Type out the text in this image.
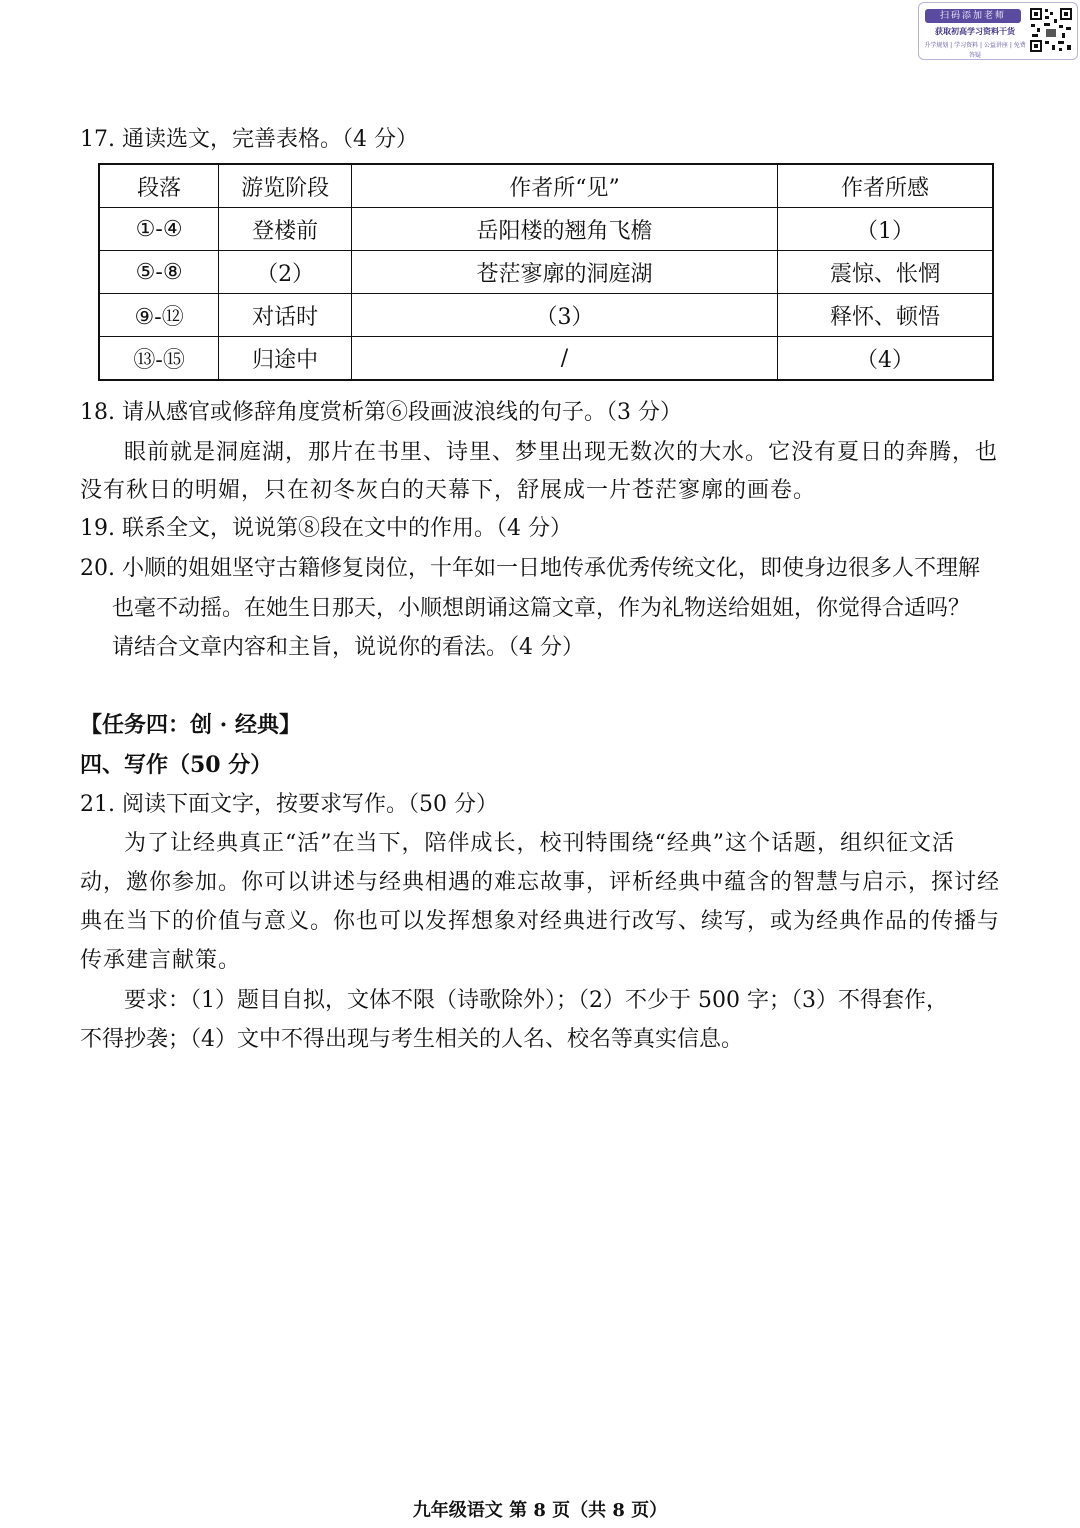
扫码添加老师
获取初高学习资料干货
升学规划 | 学习资料 | 公益讲座 | 免费答疑
17. 通读选文，完善表格。（4 分）
段落	游览阶段	作者所“见”	作者所感
①-④	登楼前	岳阳楼的翘角飞檐	（1）
⑤-⑧	（2）	苍茫寥廓的洞庭湖	震惊、怅惘
⑨-⑫	对话时	（3）	释怀、顿悟
⑬-⑮	归途中	/	（4）
18. 请从感官或修辞角度赏析第⑥段画波浪线的句子。（3 分）
眼前就是洞庭湖，那片在书里、诗里、梦里出现无数次的大水。它没有夏日的奔腾，也
没有秋日的明媚，只在初冬灰白的天幕下，舒展成一片苍茫寥廓的画卷。
19. 联系全文，说说第⑧段在文中的作用。（4 分）
20. 小顺的姐姐坚守古籍修复岗位，十年如一日地传承优秀传统文化，即使身边很多人不理解
也毫不动摇。在她生日那天，小顺想朗诵这篇文章，作为礼物送给姐姐，你觉得合适吗？
请结合文章内容和主旨，说说你的看法。（4 分）
【任务四：创 · 经典】
四、写作（50 分）
21. 阅读下面文字，按要求写作。（50 分）
为了让经典真正“活”在当下，陪伴成长，校刊特围绕“经典”这个话题，组织征文活
动，邀你参加。你可以讲述与经典相遇的难忘故事，评析经典中蕴含的智慧与启示，探讨经
典在当下的价值与意义。你也可以发挥想象对经典进行改写、续写，或为经典作品的传播与
传承建言献策。
要求：（1）题目自拟，文体不限（诗歌除外）；（2）不少于 500 字；（3）不得套作，
不得抄袭；（4）文中不得出现与考生相关的人名、校名等真实信息。
九年级语文 第 8 页（共 8 页）
